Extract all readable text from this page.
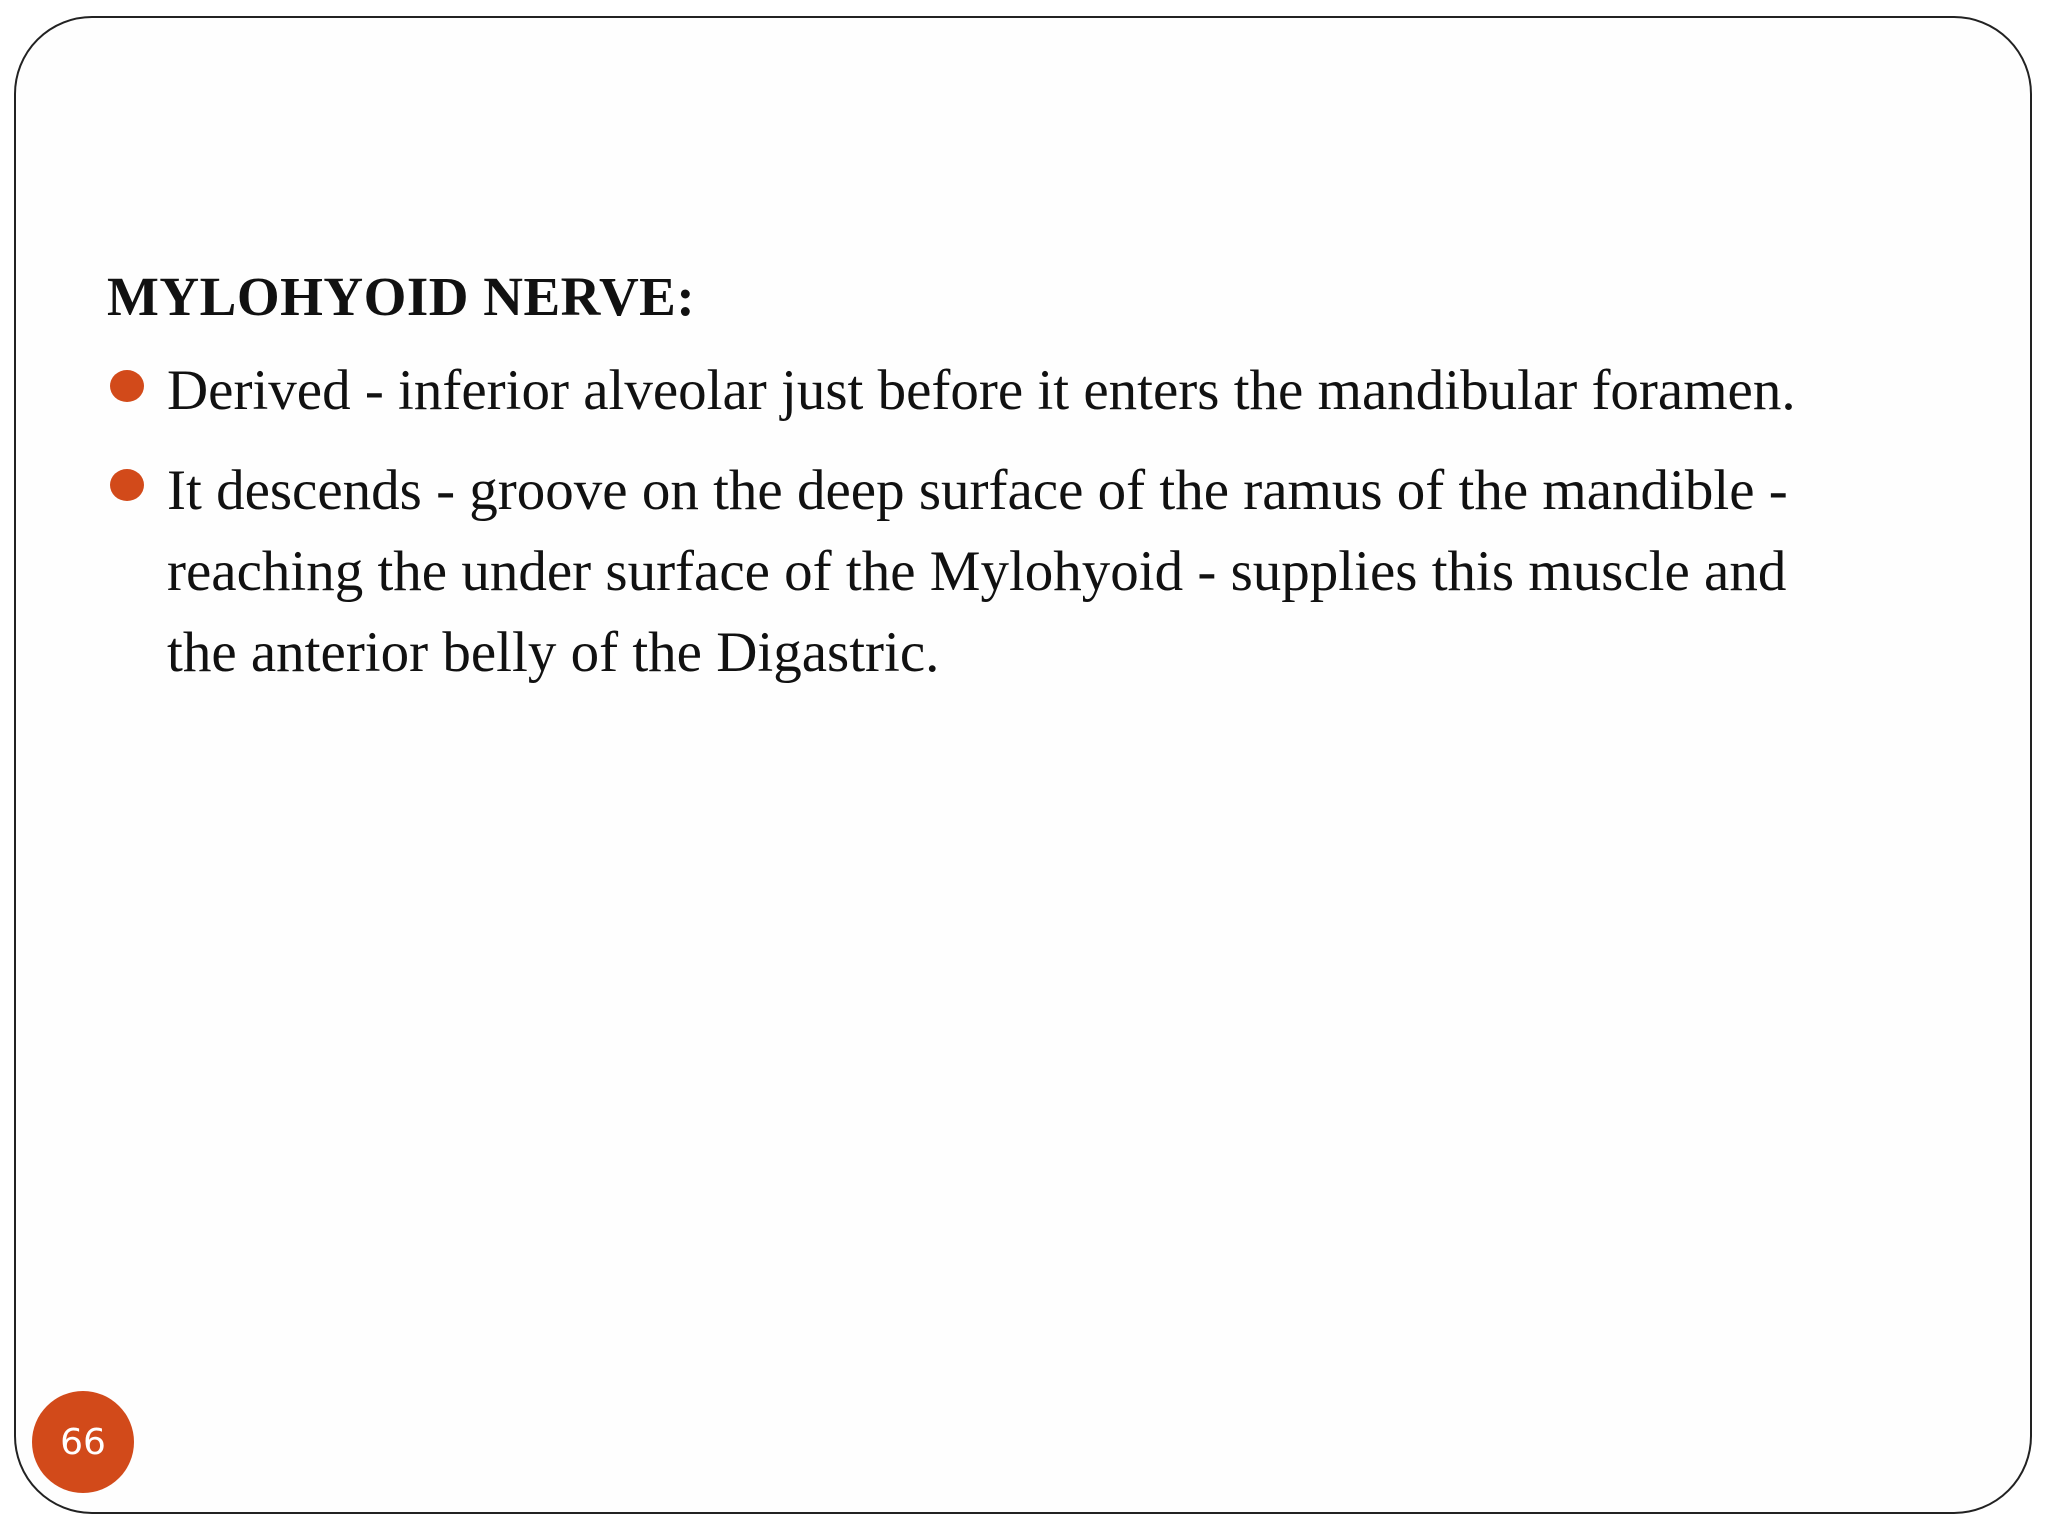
MYLOHYOID NERVE:
Derived - inferior alveolar just before it enters the mandibular foramen.
It descends - groove on the deep surface of the ramus of the mandible -
reaching the under surface of the Mylohyoid - supplies this muscle and
the anterior belly of the Digastric.
66
